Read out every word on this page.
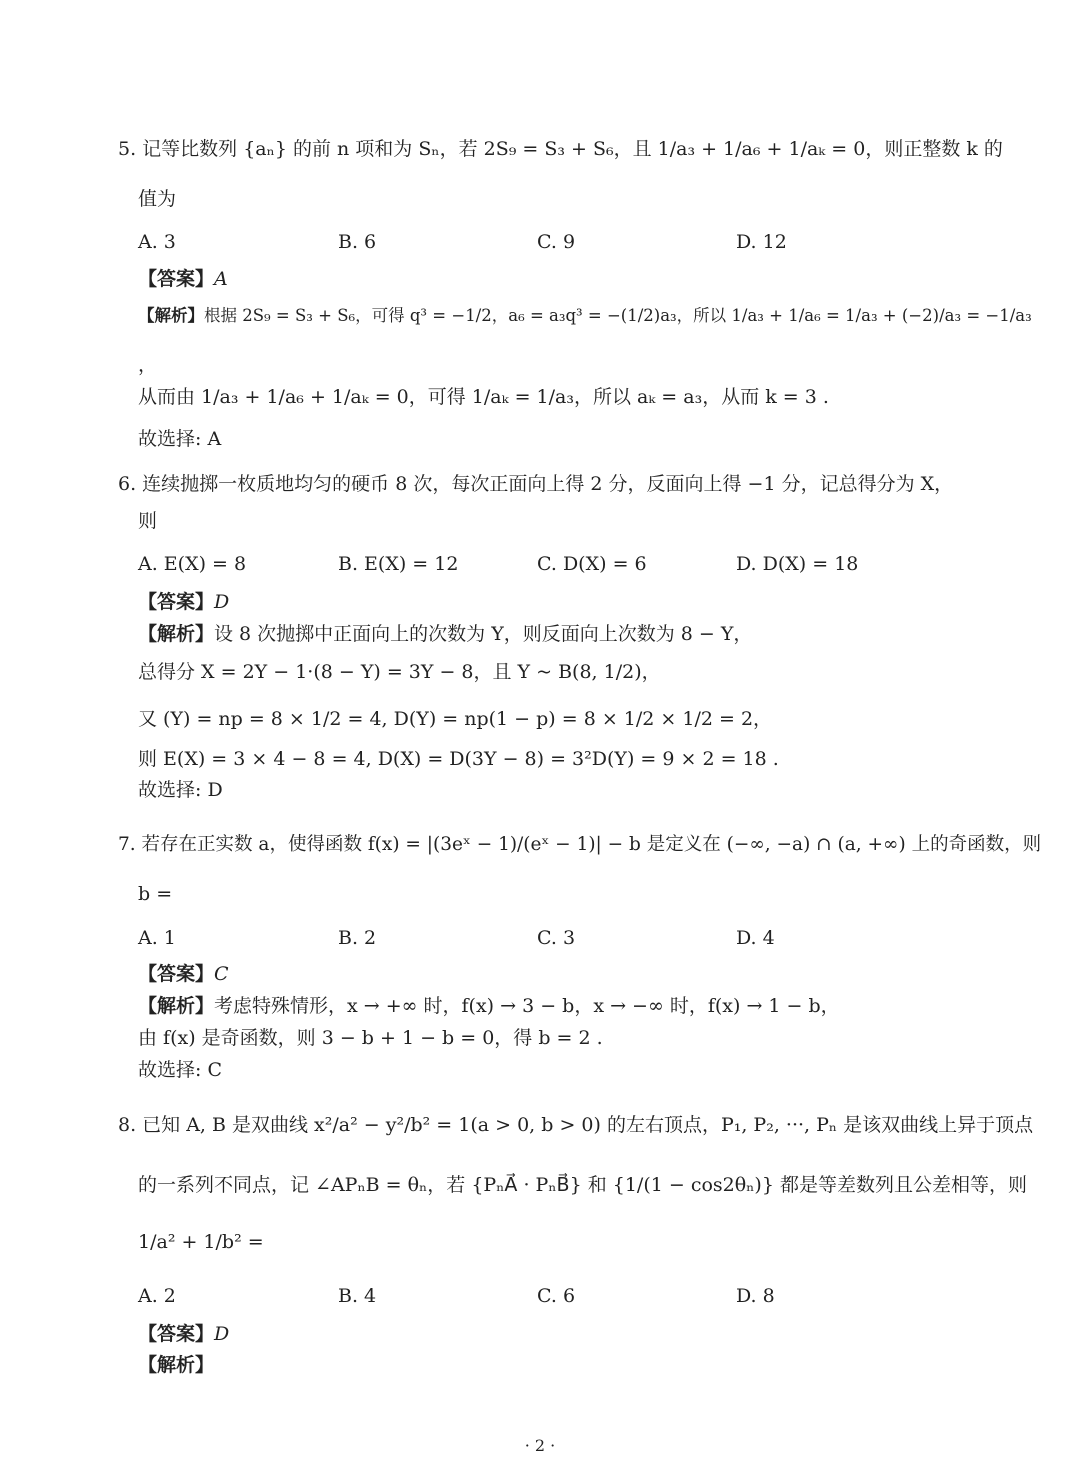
5. 记等比数列 {aₙ} 的前 n 项和为 Sₙ，若 2S₉ = S₃ + S₆，且 1/a₃ + 1/a₆ + 1/aₖ = 0，则正整数 k 的
值为
A. 3	B. 6	C. 9	D. 12
【答案】A
【解析】根据 2S₉ = S₃ + S₆，可得 q³ = −1/2，a₆ = a₃q³ = −(1/2)a₃，所以 1/a₃ + 1/a₆ = 1/a₃ + (−2)/a₃ = −1/a₃
，
从而由 1/a₃ + 1/a₆ + 1/aₖ = 0，可得 1/aₖ = 1/a₃，所以 aₖ = a₃，从而 k = 3 .
故选择: A
6. 连续抛掷一枚质地均匀的硬币 8 次，每次正面向上得 2 分，反面向上得 −1 分，记总得分为 X，
则
A. E(X) = 8	B. E(X) = 12	C. D(X) = 6	D. D(X) = 18
【答案】D
【解析】设 8 次抛掷中正面向上的次数为 Y，则反面向上次数为 8 − Y，
总得分 X = 2Y − 1·(8 − Y) = 3Y − 8，且 Y ~ B(8, 1/2)，
又 (Y) = np = 8 × 1/2 = 4, D(Y) = np(1 − p) = 8 × 1/2 × 1/2 = 2，
则 E(X) = 3 × 4 − 8 = 4, D(X) = D(3Y − 8) = 3²D(Y) = 9 × 2 = 18 .
故选择: D
7. 若存在正实数 a，使得函数 f(x) = |(3eˣ − 1)/(eˣ − 1)| − b 是定义在 (−∞, −a) ∩ (a, +∞) 上的奇函数，则
b =
A. 1	B. 2	C. 3	D. 4
【答案】C
【解析】考虑特殊情形，x → +∞ 时，f(x) → 3 − b，x → −∞ 时，f(x) → 1 − b，
由 f(x) 是奇函数，则 3 − b + 1 − b = 0，得 b = 2 .
故选择: C
8. 已知 A, B 是双曲线 x²/a² − y²/b² = 1(a > 0, b > 0) 的左右顶点，P₁, P₂, ···, Pₙ 是该双曲线上异于顶点
的一系列不同点，记 ∠APₙB = θₙ，若 {PₙA⃗ · PₙB⃗} 和 {1/(1 − cos2θₙ)} 都是等差数列且公差相等，则
1/a² + 1/b² =
A. 2	B. 4	C. 6	D. 8
【答案】D
【解析】
· 2 ·
